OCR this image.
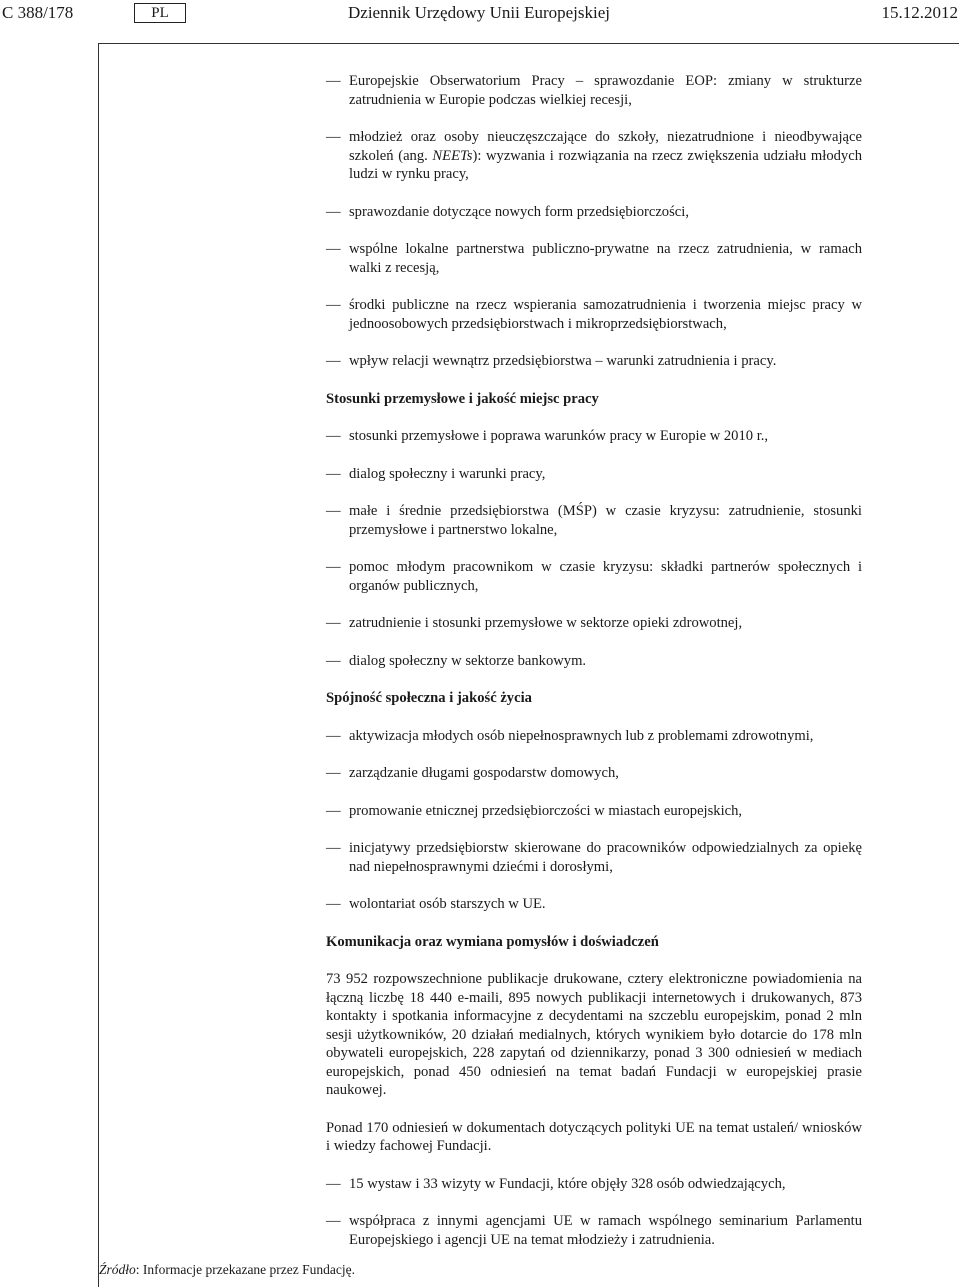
C 388/178	PL	Dziennik Urzędowy Unii Europejskiej	15.12.2012

— Europejskie Obserwatorium Pracy – sprawozdanie EOP: zmiany w strukturze zatrudnienia w Europie podczas wielkiej recesji,

— młodzież oraz osoby nieuczęszczające do szkoły, niezatrudnione i nieodbywające szkoleń (ang. NEETs): wyzwania i rozwiązania na rzecz zwiększenia udziału młodych ludzi w rynku pracy,

— sprawozdanie dotyczące nowych form przedsiębiorczości,

— wspólne lokalne partnerstwa publiczno-prywatne na rzecz zatrudnienia, w ramach walki z recesją,

— środki publiczne na rzecz wspierania samozatrudnienia i tworzenia miejsc pracy w jednoosobowych przedsiębiorstwach i mikroprzedsiębiorstwach,

— wpływ relacji wewnątrz przedsiębiorstwa – warunki zatrudnienia i pracy.

Stosunki przemysłowe i jakość miejsc pracy

— stosunki przemysłowe i poprawa warunków pracy w Europie w 2010 r.,

— dialog społeczny i warunki pracy,

— małe i średnie przedsiębiorstwa (MŚP) w czasie kryzysu: zatrudnienie, stosunki przemysłowe i partnerstwo lokalne,

— pomoc młodym pracownikom w czasie kryzysu: składki partnerów społecznych i organów publicznych,

— zatrudnienie i stosunki przemysłowe w sektorze opieki zdrowotnej,

— dialog społeczny w sektorze bankowym.

Spójność społeczna i jakość życia

— aktywizacja młodych osób niepełnosprawnych lub z problemami zdrowotnymi,

— zarządzanie długami gospodarstw domowych,

— promowanie etnicznej przedsiębiorczości w miastach europejskich,

— inicjatywy przedsiębiorstw skierowane do pracowników odpowiedzialnych za opiekę nad niepełnosprawnymi dziećmi i dorosłymi,

— wolontariat osób starszych w UE.

Komunikacja oraz wymiana pomysłów i doświadczeń

73 952 rozpowszechnione publikacje drukowane, cztery elektroniczne powiadomienia na łączną liczbę 18 440 e-maili, 895 nowych publikacji internetowych i drukowanych, 873 kontakty i spotkania informacyjne z decydentami na szczeblu europejskim, ponad 2 mln sesji użytkowników, 20 działań medialnych, których wynikiem było dotarcie do 178 mln obywateli europejskich, 228 zapytań od dziennikarzy, ponad 3 300 odniesień w mediach europejskich, ponad 450 odniesień na temat badań Fundacji w europejskiej prasie naukowej.

Ponad 170 odniesień w dokumentach dotyczących polityki UE na temat ustaleń/ wniosków i wiedzy fachowej Fundacji.

— 15 wystaw i 33 wizyty w Fundacji, które objęły 328 osób odwiedzających,

— współpraca z innymi agencjami UE w ramach wspólnego seminarium Parlamentu Europejskiego i agencji UE na temat młodzieży i zatrudnienia.

Źródło: Informacje przekazane przez Fundację.
